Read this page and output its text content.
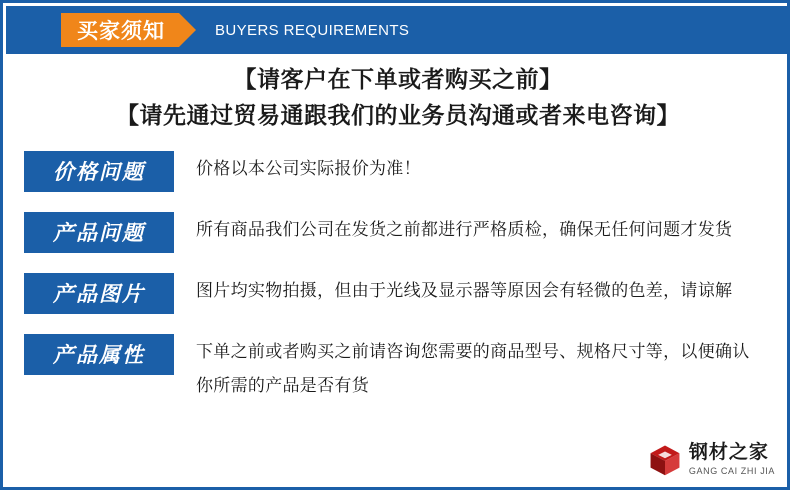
买家须知	BUYERS REQUIREMENTS
【请客户在下单或者购买之前】
【请先通过贸易通跟我们的业务员沟通或者来电咨询】
价格问题	价格以本公司实际报价为准！
产品问题	所有商品我们公司在发货之前都进行严格质检，确保无任何问题才发货
产品图片	图片均实物拍摄，但由于光线及显示器等原因会有轻微的色差，请谅解
产品属性	下单之前或者购买之前请咨询您需要的商品型号、规格尺寸等，以便确认你所需的产品是否有货
钢材之家
GANG CAI ZHI JIA
